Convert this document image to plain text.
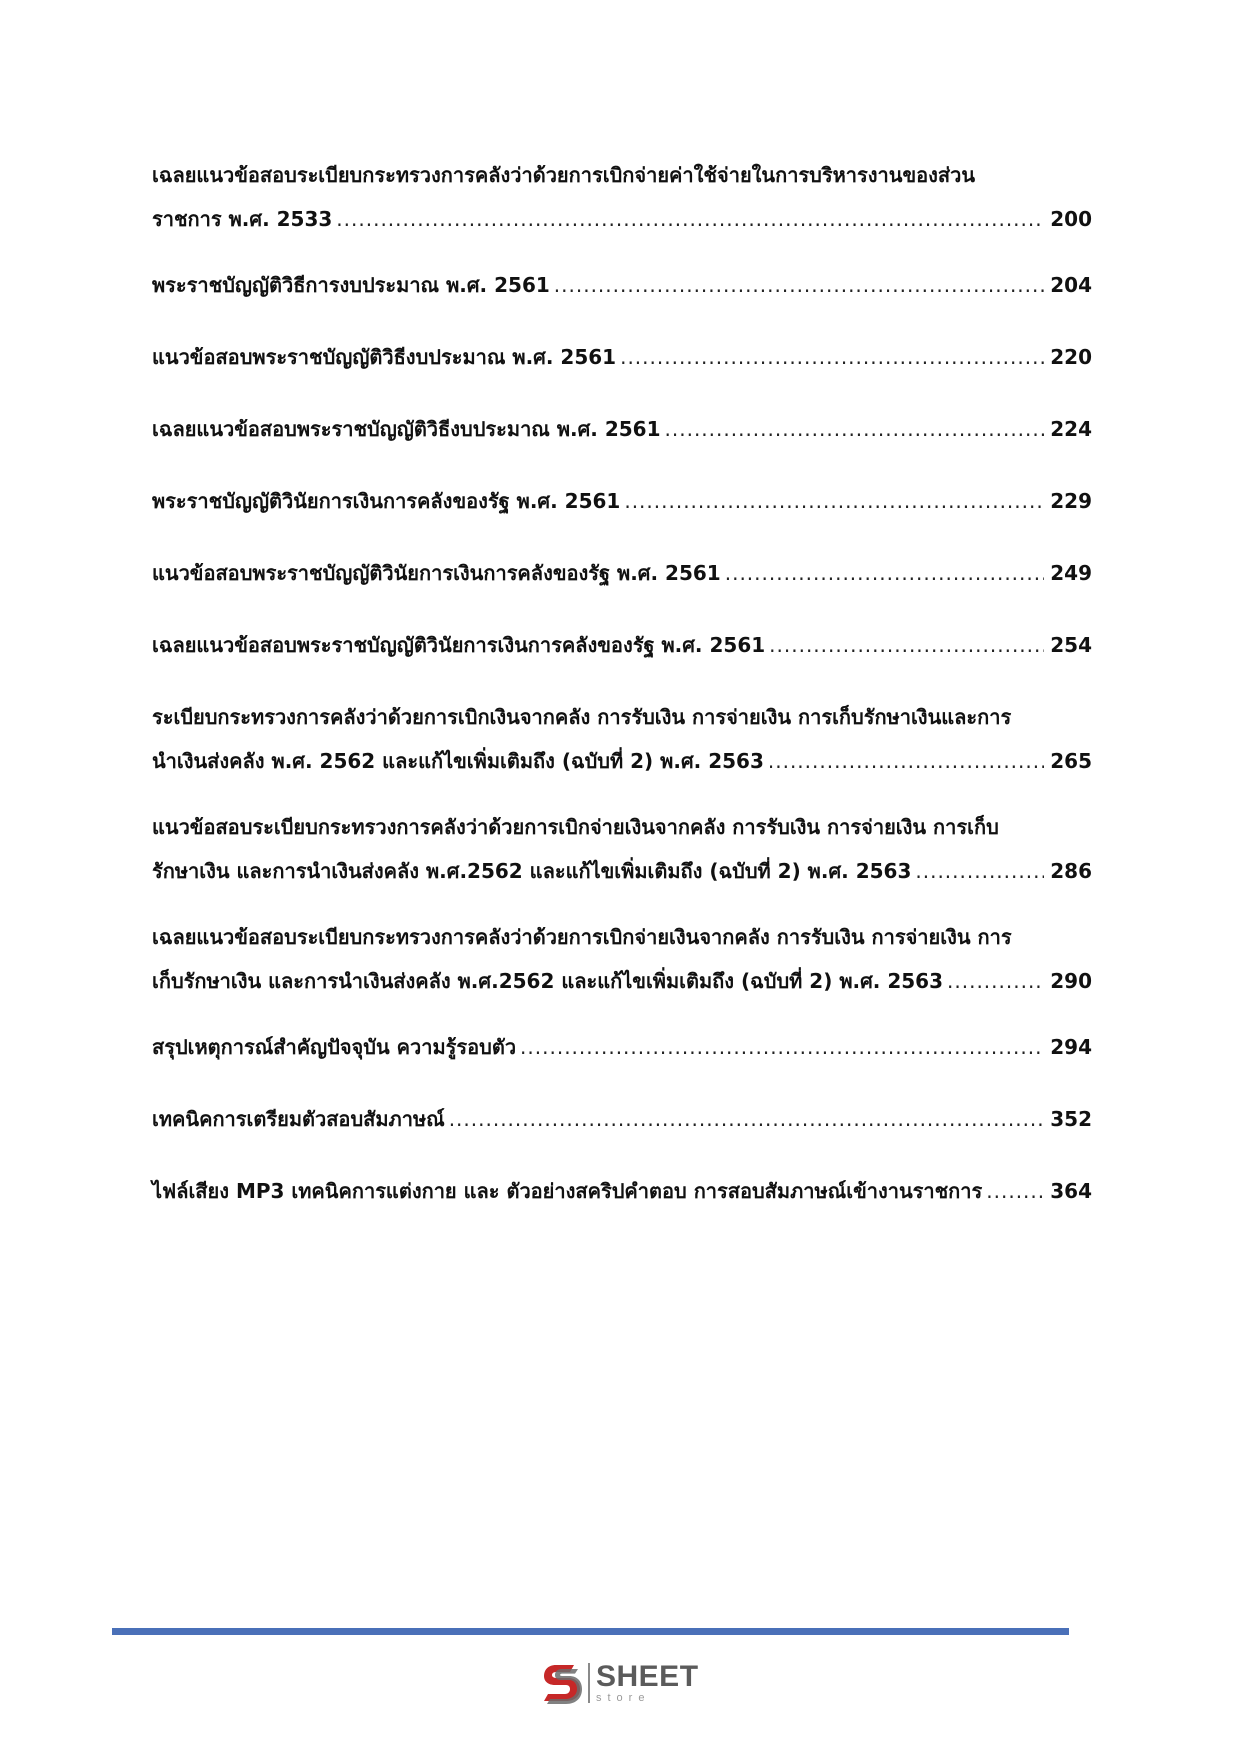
เฉลยแนวข้อสอบระเบียบกระทรวงการคลังว่าด้วยการเบิกจ่ายค่าใช้จ่ายในการบริหารงานของส่วน
ราชการ พ.ศ. 2533 .....	200
พระราชบัญญัติวิธีการงบประมาณ พ.ศ. 2561 .....	204
แนวข้อสอบพระราชบัญญัติวิธีงบประมาณ พ.ศ. 2561 .....	220
เฉลยแนวข้อสอบพระราชบัญญัติวิธีงบประมาณ พ.ศ. 2561 .....	224
พระราชบัญญัติวินัยการเงินการคลังของรัฐ พ.ศ. 2561 .....	229
แนวข้อสอบพระราชบัญญัติวินัยการเงินการคลังของรัฐ พ.ศ. 2561 .....	249
เฉลยแนวข้อสอบพระราชบัญญัติวินัยการเงินการคลังของรัฐ พ.ศ. 2561 .....	254
ระเบียบกระทรวงการคลังว่าด้วยการเบิกเงินจากคลัง การรับเงิน การจ่ายเงิน การเก็บรักษาเงินและการ
นำเงินส่งคลัง พ.ศ. 2562 และแก้ไขเพิ่มเติมถึง (ฉบับที่ 2) พ.ศ. 2563 .....	265
แนวข้อสอบระเบียบกระทรวงการคลังว่าด้วยการเบิกจ่ายเงินจากคลัง การรับเงิน การจ่ายเงิน การเก็บ
รักษาเงิน และการนำเงินส่งคลัง พ.ศ.2562 และแก้ไขเพิ่มเติมถึง (ฉบับที่ 2) พ.ศ. 2563 .....	286
เฉลยแนวข้อสอบระเบียบกระทรวงการคลังว่าด้วยการเบิกจ่ายเงินจากคลัง การรับเงิน การจ่ายเงิน การ
เก็บรักษาเงิน และการนำเงินส่งคลัง พ.ศ.2562 และแก้ไขเพิ่มเติมถึง (ฉบับที่ 2) พ.ศ. 2563 .....	290
สรุปเหตุการณ์สำคัญปัจจุบัน ความรู้รอบตัว .....	294
เทคนิคการเตรียมตัวสอบสัมภาษณ์ .....	352
ไฟล์เสียง MP3 เทคนิคการแต่งกาย และ ตัวอย่างสคริปคำตอบ การสอบสัมภาษณ์เข้างานราชการ .....	364
SHEET
store
